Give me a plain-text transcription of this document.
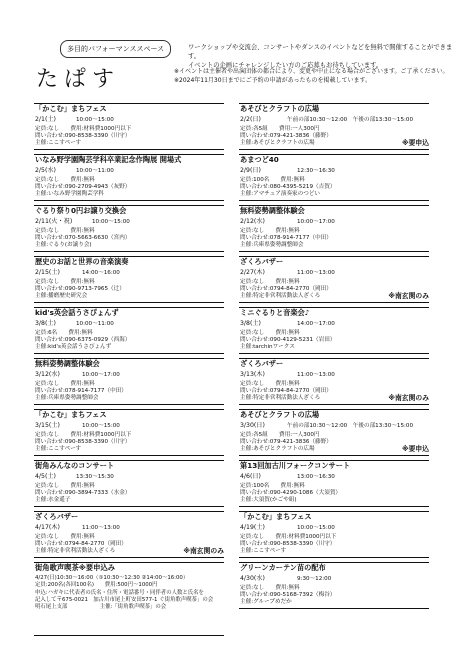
多目的パフォーマンススペース
たぱす
ワークショップや交流会、コンサートやダンスのイベントなどを無料で開催することができます。
イベントの企画にチャレンジしたい方のご応募もお待ちしています。
※イベントは主催者や出演団体の都合により、変更や中止になる場合がございます。ご了承ください。
※2024年11月30日までにご予約の申請があったものを掲載しています。
「かこむ」まちフェス
2/1(土)	10:00～15:00
定員:なし　　費用:材料費1000円以下
問い合わせ:090-8538-3390（川守）
主催:ここすペーす
いなみ野学園陶芸学科卒業記念作陶展 開場式
2/5(水)	10:00～11:00
定員:なし　　費用:無料
問い合わせ:090-2709-4943（灰野）
主催:いなみ野学園陶芸学科
ぐるり祭り0円お譲り交換会
2/11(火・祝)	10:00～15:00
定員:なし　　費用:無料
問い合わせ:070-5663-6630（宮内）
主催:ぐるり(お譲り会)
歴史のお話と世界の音楽演奏
2/15(土)	14:00～16:00
定員:なし　　費用:無料
問い合わせ:090-9713-7965（辻）
主催:播磨歴史研究会
kid's英会話うさぴょんず
3/8(土)	10:00～11:00
定員:6名　　費用:無料
問い合わせ:090-6375-0929（西海）
主催:kid's英会話うさぴょんず
無料姿勢調整体験会
3/12(水)	10:00～17:00
定員:なし　　費用:無料
問い合わせ:078-914-7177（中田）
主催:兵庫県姿勢調整師会
「かこむ」まちフェス
3/15(土)	10:00～15:00
定員:なし　　費用:材料費1000円以下
問い合わせ:090-8538-3390（川守）
主催:ここすペーす
街角みんなのコンサート
4/5(土)	13:30～15:30
定員:なし　　費用:無料
問い合わせ:090-3894-7333（水金）
主催:水金遥子
ざくろバザー
4/17(木)	11:00～13:00
定員:なし　　費用:無料
問い合わせ:0794-84-2770（岡田）
主催:特定非営利活動法人ざくろ	※南玄関のみ
街角歌声喫茶※要申込み
4/27(日)10:30～16:00（①10:30～12:30 ②14:00～16:00）
定員:200名(各回100名)　　費用:500円～1000円
申込:ハガキに代表者の氏名・住所・電話番号・同伴者の人数と氏名を
記入して〒675-0021　加古川市尾上町安田577-1 ぐ街角歌声喫茶」の会
明石尾上支部　　　　　　主催:「街角歌声喫茶」の会
あそびとクラフトの広場
2/2(日)	午前の部10:30～12:00　午後の部13:30～15:00
定員:各5組　　費用:一人300円
問い合わせ:079-421-3836（藤野）
主催:あそびとクラフトの広場	※要申込
あまつど40
2/9(日)	12:30～16:30
定員:100名　　費用:無料
問い合わせ:080-4395-5219（吉賀）
主催:アマチュア演奏家のつどい
無料姿勢調整体験会
2/12(水)	10:00～17:00
定員:なし　　費用:無料
問い合わせ:078-914-7177（中田）
主催:兵庫県姿勢調整師会
ざくろバザー
2/27(木)	11:00～13:00
定員:なし　　費用:無料
問い合わせ:0794-84-2770（岡田）
主催:特定非営利活動法人ざくろ	※南玄関のみ
ミニぐるりと音楽会♪
3/8(土)	14:00～17:00
定員:なし　　費用:無料
問い合わせ:090-4129-5231（岩田）
主催:tarchinワークス
ざくろバザー
3/13(木)	11:00～13:00
定員:なし　　費用:無料
問い合わせ:0794-84-2770（岡田）
主催:特定非営利活動法人ざくろ	※南玄関のみ
あそびとクラフトの広場
3/30(日)	午前の部10:30～12:00　午後の部13:30～15:00
定員:各5組　　費用:一人300円
問い合わせ:079-421-3836（藤野）
主催:あそびとクラフトの広場	※要申込
第13回加古川フォークコンサート
4/6(日)	13:00～16:30
定員:100名　　費用:無料
問い合わせ:090-4290-1086（大須賀）
主催:大須賀(かごや組)
「かこむ」まちフェス
4/19(土)	10:00～15:00
定員:なし　　費用:材料費1000円以下
問い合わせ:090-8538-3390（川守）
主催:ここすペーす
グリーンカーテン苗の配布
4/30(水)	9:30～12:00
定員:なし　　費用:無料
問い合わせ:090-5168-7392（梅谷）
主催:グループめだか
